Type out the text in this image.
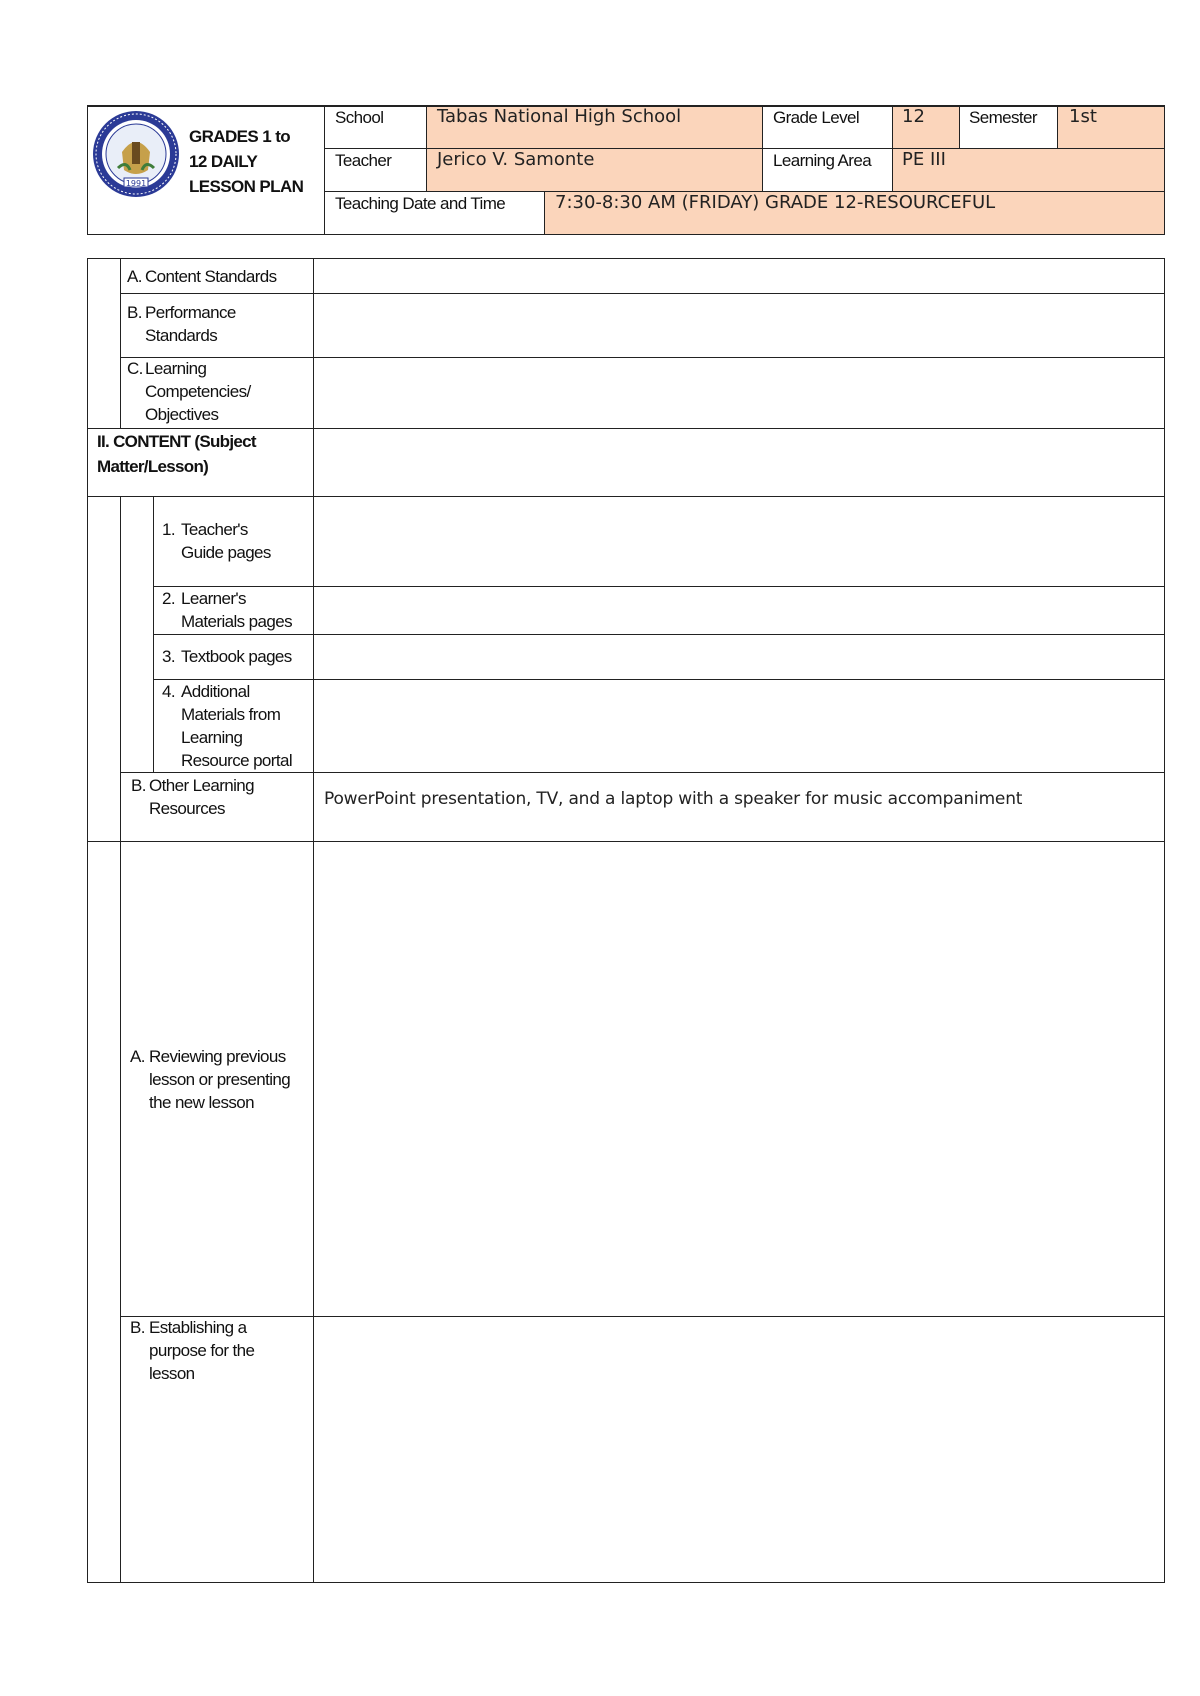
1991
GRADES 1 to
12 DAILY
LESSON PLAN
School	Tabas National High School	Grade Level 12	Semester 1st
Teacher	Jerico V. Samonte	Learning Area PE III
Teaching Date and Time	7:30-8:30 AM (FRIDAY) GRADE 12-RESOURCEFUL
A. Content Standards
B. Performance
Standards
C. Learning
Competencies/
Objectives
II. CONTENT (Subject
Matter/Lesson)
1. Teacher's
Guide pages
2. Learner's
Materials pages
3. Textbook pages
4. Additional
Materials from
Learning
Resource portal
B. Other Learning
Resources	PowerPoint presentation, TV, and a laptop with a speaker for music accompaniment
A. Reviewing previous
lesson or presenting
the new lesson
B. Establishing a
purpose for the
lesson
